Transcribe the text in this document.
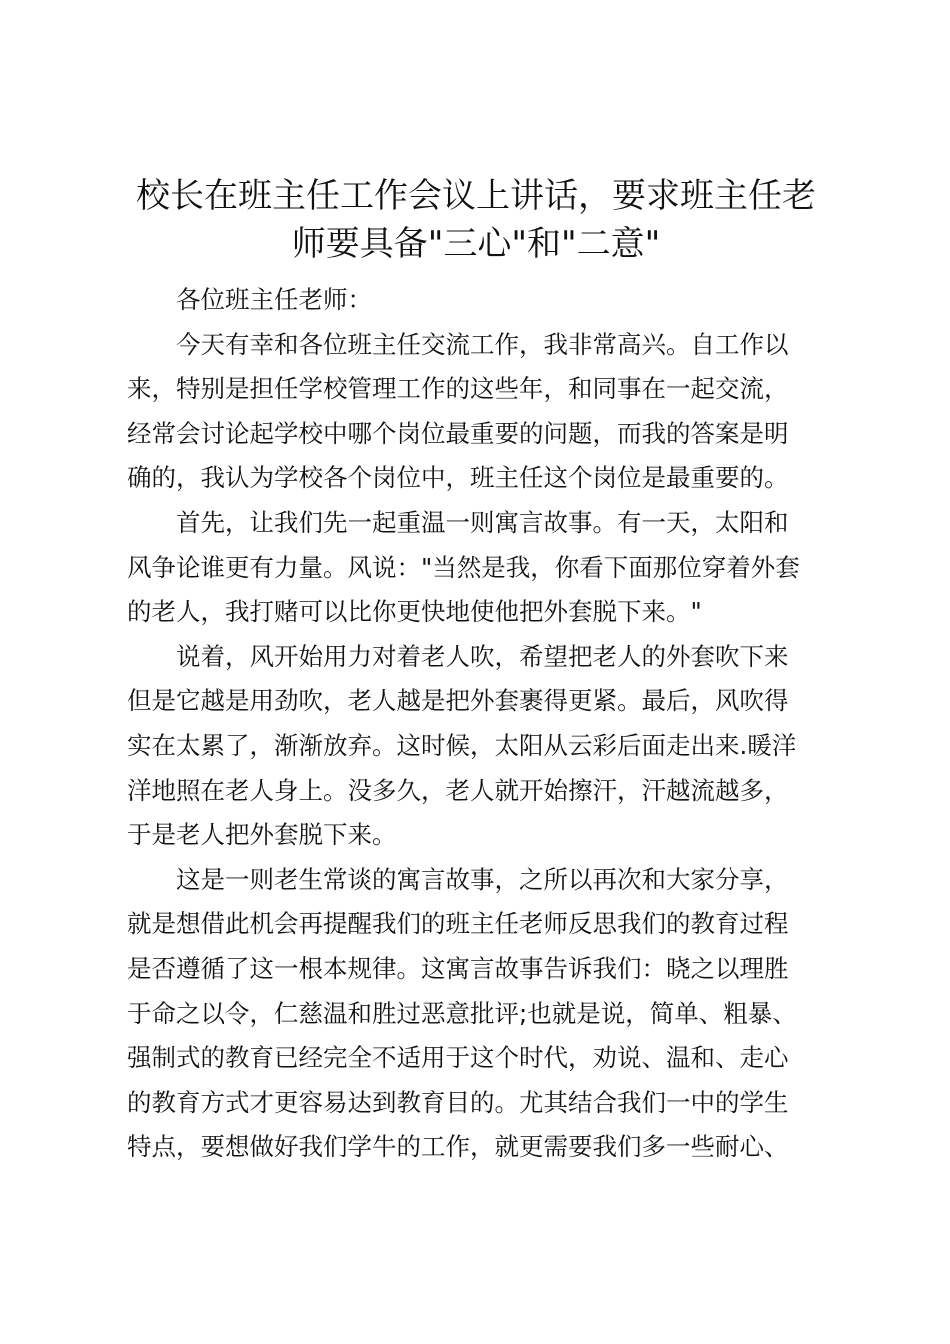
校长在班主任工作会议上讲话，要求班主任老
师要具备"三心"和"二意"
　　各位班主任老师：
　　今天有幸和各位班主任交流工作，我非常高兴。自工作以
来，特别是担任学校管理工作的这些年，和同事在一起交流，
经常会讨论起学校中哪个岗位最重要的问题，而我的答案是明
确的，我认为学校各个岗位中，班主任这个岗位是最重要的。
　　首先，让我们先一起重温一则寓言故事。有一天，太阳和
风争论谁更有力量。风说："当然是我，你看下面那位穿着外套
的老人，我打赌可以比你更快地使他把外套脱下来。"
　　说着，风开始用力对着老人吹，希望把老人的外套吹下来
但是它越是用劲吹，老人越是把外套裹得更紧。最后，风吹得
实在太累了，渐渐放弃。这时候，太阳从云彩后面走出来.暖洋
洋地照在老人身上。没多久，老人就开始擦汗，汗越流越多，
于是老人把外套脱下来。
　　这是一则老生常谈的寓言故事，之所以再次和大家分享，
就是想借此机会再提醒我们的班主任老师反思我们的教育过程
是否遵循了这一根本规律。这寓言故事告诉我们：晓之以理胜
于命之以令，仁慈温和胜过恶意批评;也就是说，简单、粗暴、
强制式的教育已经完全不适用于这个时代，劝说、温和、走心
的教育方式才更容易达到教育目的。尤其结合我们一中的学生
特点，要想做好我们学牛的工作，就更需要我们多一些耐心、
